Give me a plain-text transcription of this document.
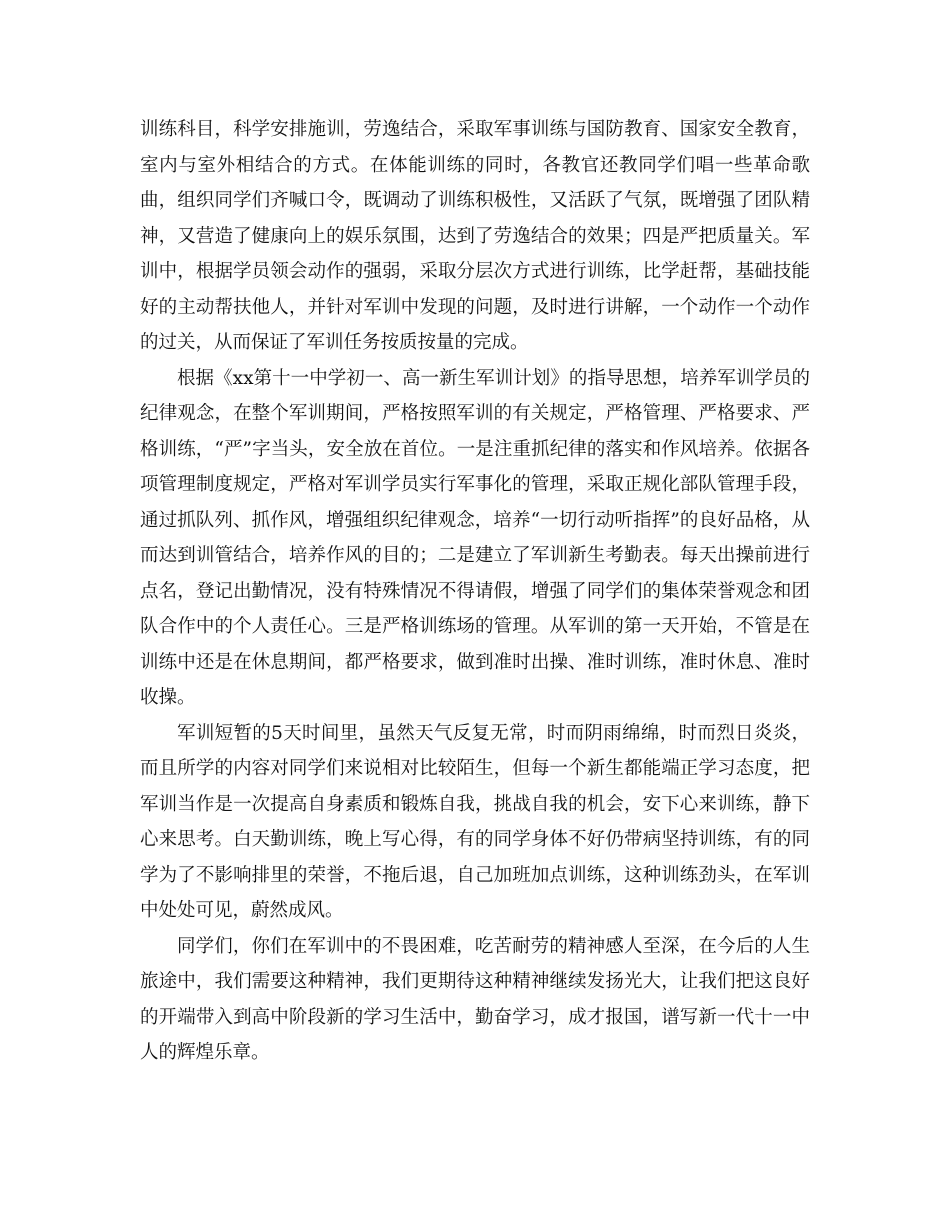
训练科目，科学安排施训，劳逸结合，采取军事训练与国防教育、国家安全教育，室内与室外相结合的方式。在体能训练的同时，各教官还教同学们唱一些革命歌曲，组织同学们齐喊口令，既调动了训练积极性，又活跃了气氛，既增强了团队精神，又营造了健康向上的娱乐氛围，达到了劳逸结合的效果；四是严把质量关。军训中，根据学员领会动作的强弱，采取分层次方式进行训练，比学赶帮，基础技能好的主动帮扶他人，并针对军训中发现的问题，及时进行讲解，一个动作一个动作的过关，从而保证了军训任务按质按量的完成。

根据《xx第十一中学初一、高一新生军训计划》的指导思想，培养军训学员的纪律观念，在整个军训期间，严格按照军训的有关规定，严格管理、严格要求、严格训练，“严”字当头，安全放在首位。一是注重抓纪律的落实和作风培养。依据各项管理制度规定，严格对军训学员实行军事化的管理，采取正规化部队管理手段，通过抓队列、抓作风，增强组织纪律观念，培养“一切行动听指挥”的良好品格，从而达到训管结合，培养作风的目的；二是建立了军训新生考勤表。每天出操前进行点名，登记出勤情况，没有特殊情况不得请假，增强了同学们的集体荣誉观念和团队合作中的个人责任心。三是严格训练场的管理。从军训的第一天开始，不管是在训练中还是在休息期间，都严格要求，做到准时出操、准时训练，准时休息、准时收操。

军训短暂的5天时间里，虽然天气反复无常，时而阴雨绵绵，时而烈日炎炎，而且所学的内容对同学们来说相对比较陌生，但每一个新生都能端正学习态度，把军训当作是一次提高自身素质和锻炼自我，挑战自我的机会，安下心来训练，静下心来思考。白天勤训练，晚上写心得，有的同学身体不好仍带病坚持训练，有的同学为了不影响排里的荣誉，不拖后退，自己加班加点训练，这种训练劲头，在军训中处处可见，蔚然成风。

同学们，你们在军训中的不畏困难，吃苦耐劳的精神感人至深，在今后的人生旅途中，我们需要这种精神，我们更期待这种精神继续发扬光大，让我们把这良好的开端带入到高中阶段新的学习生活中，勤奋学习，成才报国，谱写新一代十一中人的辉煌乐章。
